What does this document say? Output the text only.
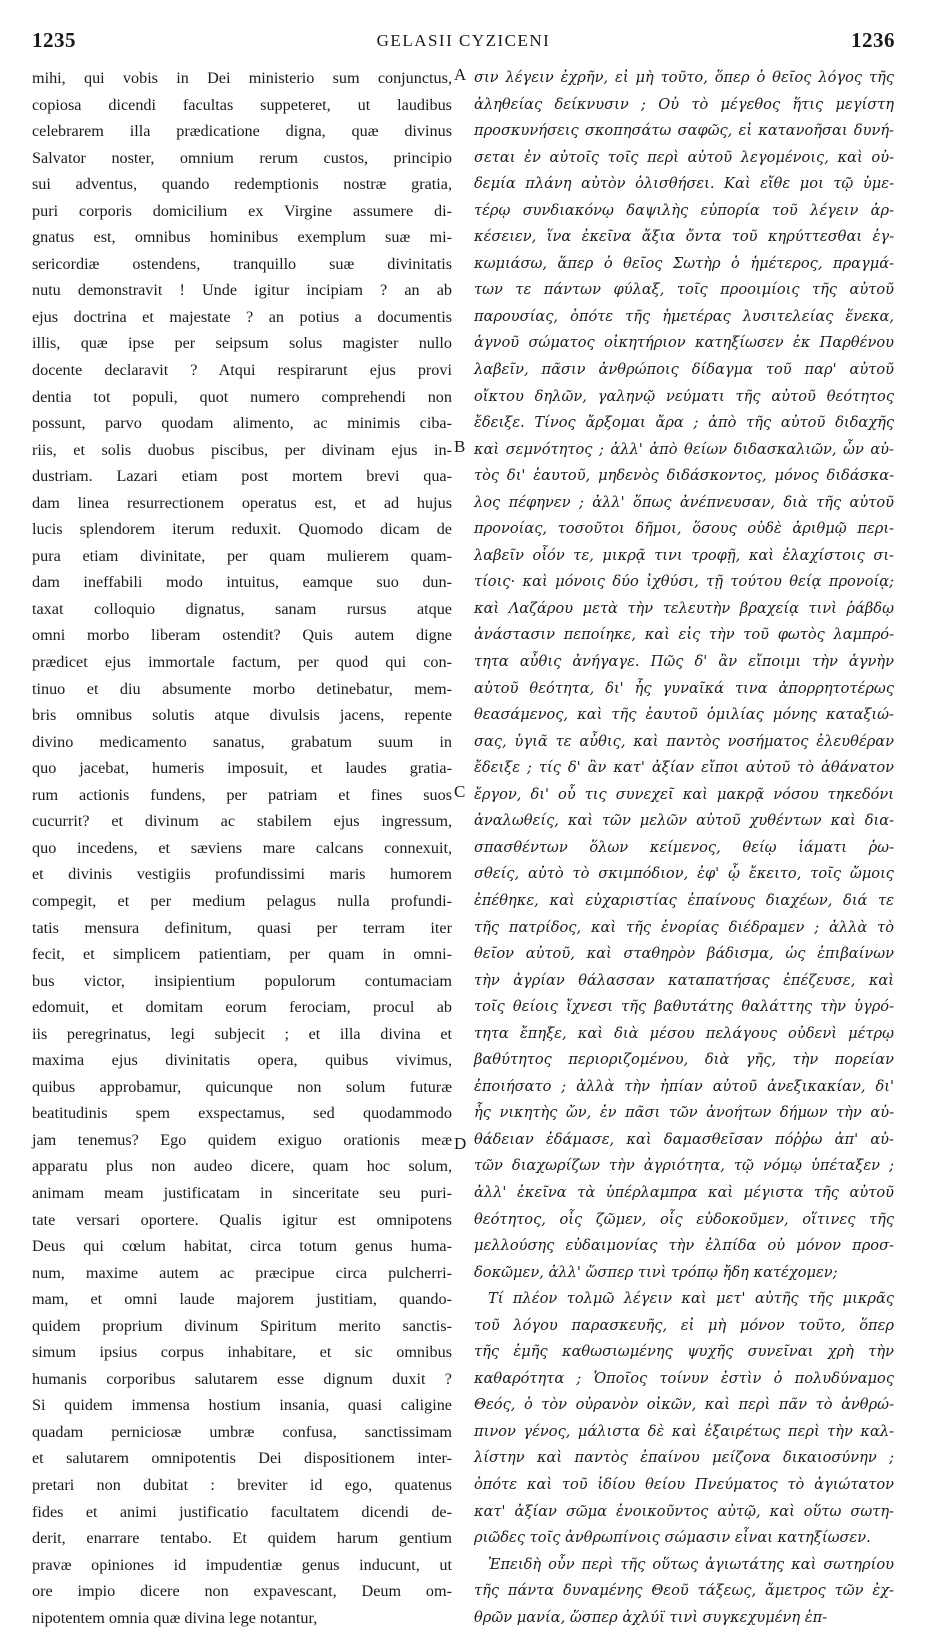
1235	GELASII CYZICENI	1236
mihi, qui vobis in Dei ministerio sum conjunctus,
copiosa dicendi facultas suppeteret, ut laudibus
celebrarem illa prædicatione digna, quæ divinus
Salvator noster, omnium rerum custos, principio
sui adventus, quando redemptionis nostræ gratia,
puri corporis domicilium ex Virgine assumere di-
gnatus est, omnibus hominibus exemplum suæ mi-
sericordiæ ostendens, tranquillo suæ divinitatis
nutu demonstravit ! Unde igitur incipiam ? an ab
ejus doctrina et majestate ? an potius a documentis
illis, quæ ipse per seipsum solus magister nullo
docente declaravit ? Atqui respirarunt ejus provi
dentia tot populi, quot numero comprehendi non
possunt, parvo quodam alimento, ac minimis ciba-
riis, et solis duobus piscibus, per divinam ejus in-
dustriam. Lazari etiam post mortem brevi qua-
dam linea resurrectionem operatus est, et ad hujus
lucis splendorem iterum reduxit. Quomodo dicam de
pura etiam divinitate, per quam mulierem quam-
dam ineffabili modo intuitus, eamque suo dun-
taxat colloquio dignatus, sanam rursus atque
omni morbo liberam ostendit? Quis autem digne
prædicet ejus immortale factum, per quod qui con-
tinuo et diu absumente morbo detinebatur, mem-
bris omnibus solutis atque divulsis jacens, repente
divino medicamento sanatus, grabatum suum in
quo jacebat, humeris imposuit, et laudes gratia-
rum actionis fundens, per patriam et fines suos
cucurrit? et divinum ac stabilem ejus ingressum,
quo incedens, et sæviens mare calcans connexuit,
et divinis vestigiis profundissimi maris humorem
compegit, et per medium pelagus nulla profundi-
tatis mensura definitum, quasi per terram iter
fecit, et simplicem patientiam, per quam in omni-
bus victor, insipientium populorum contumaciam
edomuit, et domitam eorum ferociam, procul ab
iis peregrinatus, legi subjecit ; et illa divina et
maxima ejus divinitatis opera, quibus vivimus,
quibus approbamur, quicunque non solum futuræ
beatitudinis spem exspectamus, sed quodammodo
jam tenemus? Ego quidem exiguo orationis meæ
apparatu plus non audeo dicere, quam hoc solum,
animam meam justificatam in sinceritate seu puri-
tate versari oportere. Qualis igitur est omnipotens
Deus qui cœlum habitat, circa totum genus huma-
num, maxime autem ac præcipue circa pulcherri-
mam, et omni laude majorem justitiam, quando-
quidem proprium divinum Spiritum merito sanctis-
simum ipsius corpus inhabitare, et sic omnibus
humanis corporibus salutarem esse dignum duxit ?
Si quidem immensa hostium insania, quasi caligine
quadam perniciosæ umbræ confusa, sanctissimam
et salutarem omnipotentis Dei dispositionem inter-
pretari non dubitat : breviter id ego, quatenus
fides et animi justificatio facultatem dicendi de-
derit, enarrare tentabo. Et quidem harum gentium
pravæ opiniones id impudentiæ genus inducunt, ut
ore impio dicere non expavescant, Deum om-
nipotentem omnia quæ divina lege notantur,
A
B
C
D
σιν λέγειν ἐχρῆν, εἰ μὴ τοῦτο, ὅπερ ὁ θεῖος λόγος τῆς
ἀληθείας δείκνυσιν ; Οὐ τὸ μέγεθος ἥτις μεγίστη
προσκυνήσεις σκοπησάτω σαφῶς, εἰ κατανοῆσαι δυνή-
σεται ἐν αὐτοῖς τοῖς περὶ αὐτοῦ λεγομένοις, καὶ οὐ-
δεμία πλάνη αὐτὸν ὀλισθήσει. Καὶ εἴθε μοι τῷ ὑμε-
τέρῳ συνδιακόνῳ δαψιλὴς εὐπορία τοῦ λέγειν ἀρ-
κέσειεν, ἵνα ἐκεῖνα ἄξια ὄντα τοῦ κηρύττεσθαι ἐγ-
κωμιάσω, ἅπερ ὁ θεῖος Σωτὴρ ὁ ἡμέτερος, πραγμά-
των τε πάντων φύλαξ, τοῖς προοιμίοις τῆς αὐτοῦ
παρουσίας, ὁπότε τῆς ἡμετέρας λυσιτελείας ἕνεκα,
ἁγνοῦ σώματος οἰκητήριον κατηξίωσεν ἐκ Παρθένου
λαβεῖν, πᾶσιν ἀνθρώποις δίδαγμα τοῦ παρ' αὐτοῦ
οἴκτου δηλῶν, γαληνῷ νεύματι τῆς αὐτοῦ θεότητος
ἔδειξε. Τίνος ἄρξομαι ἄρα ; ἀπὸ τῆς αὐτοῦ διδαχῆς
καὶ σεμνότητος ; ἀλλ' ἀπὸ θείων διδασκαλιῶν, ὧν αὐ-
τὸς δι' ἑαυτοῦ, μηδενὸς διδάσκοντος, μόνος διδάσκα-
λος πέφηνεν ; ἀλλ' ὅπως ἀνέπνευσαν, διὰ τῆς αὐτοῦ
προνοίας, τοσοῦτοι δῆμοι, ὅσους οὐδὲ ἀριθμῷ περι-
λαβεῖν οἷόν τε, μικρᾷ τινι τροφῇ, καὶ ἐλαχίστοις σι-
τίοις· καὶ μόνοις δύο ἰχθύσι, τῇ τούτου θείᾳ προνοίᾳ;
καὶ Λαζάρου μετὰ τὴν τελευτὴν βραχείᾳ τινὶ ῥάβδῳ
ἀνάστασιν πεποίηκε, καὶ εἰς τὴν τοῦ φωτὸς λαμπρό-
τητα αὖθις ἀνήγαγε. Πῶς δ' ἂν εἴποιμι τὴν ἁγνὴν
αὐτοῦ θεότητα, δι' ἧς γυναῖκά τινα ἀπορρητοτέρως
θεασάμενος, καὶ τῆς ἑαυτοῦ ὁμιλίας μόνης καταξιώ-
σας, ὑγιᾶ τε αὖθις, καὶ παντὸς νοσήματος ἐλευθέραν
ἔδειξε ; τίς δ' ἂν κατ' ἀξίαν εἴποι αὐτοῦ τὸ ἀθάνατον
ἔργον, δι' οὗ τις συνεχεῖ καὶ μακρᾷ νόσου τηκεδόνι
ἀναλωθείς, καὶ τῶν μελῶν αὐτοῦ χυθέντων καὶ δια-
σπασθέντων ὅλων κείμενος, θείῳ ἰάματι ῥω-
σθείς, αὐτὸ τὸ σκιμπόδιον, ἐφ' ᾧ ἔκειτο, τοῖς ὤμοις
ἐπέθηκε, καὶ εὐχαριστίας ἐπαίνους διαχέων, διά τε
τῆς πατρίδος, καὶ τῆς ἐνορίας διέδραμεν ; ἀλλὰ τὸ
θεῖον αὐτοῦ, καὶ σταθηρὸν βάδισμα, ὡς ἐπιβαίνων
τὴν ἀγρίαν θάλασσαν καταπατήσας ἐπέζευσε, καὶ
τοῖς θείοις ἴχνεσι τῆς βαθυτάτης θαλάττης τὴν ὑγρό-
τητα ἔπηξε, καὶ διὰ μέσου πελάγους οὐδενὶ μέτρῳ
βαθύτητος περιοριζομένου, διὰ γῆς, τὴν πορείαν
ἐποιήσατο ; ἀλλὰ τὴν ἠπίαν αὐτοῦ ἀνεξικακίαν, δι'
ἧς νικητὴς ὤν, ἐν πᾶσι τῶν ἀνοήτων δήμων τὴν αὐ-
θάδειαν ἐδάμασε, καὶ δαμασθεῖσαν πόῤῥω ἀπ' αὐ-
τῶν διαχωρίζων τὴν ἀγριότητα, τῷ νόμῳ ὑπέταξεν ;
ἀλλ' ἐκεῖνα τὰ ὑπέρλαμπρα καὶ μέγιστα τῆς αὐτοῦ
θεότητος, οἷς ζῶμεν, οἷς εὐδοκοῦμεν, οἵτινες τῆς
μελλούσης εὐδαιμονίας τὴν ἐλπίδα οὐ μόνον προσ-
δοκῶμεν, ἀλλ' ὥσπερ τινὶ τρόπῳ ἤδη κατέχομεν;
Τί πλέον τολμῶ λέγειν καὶ μετ' αὐτῆς τῆς μικρᾶς
τοῦ λόγου παρασκευῆς, εἰ μὴ μόνον τοῦτο, ὅπερ
τῆς ἐμῆς καθωσιωμένης ψυχῆς συνεῖναι χρὴ τὴν
καθαρότητα ; Ὁποῖος τοίνυν ἐστὶν ὁ πολυδύναμος
Θεός, ὁ τὸν οὐρανὸν οἰκῶν, καὶ περὶ πᾶν τὸ ἀνθρώ-
πινον γένος, μάλιστα δὲ καὶ ἐξαιρέτως περὶ τὴν καλ-
λίστην καὶ παντὸς ἐπαίνου μείζονα δικαιοσύνην ;
ὁπότε καὶ τοῦ ἰδίου θείου Πνεύματος τὸ ἁγιώτατον
κατ' ἀξίαν σῶμα ἐνοικοῦντος αὐτῷ, καὶ οὕτω σωτη-
ριῶδες τοῖς ἀνθρωπίνοις σώμασιν εἶναι κατηξίωσεν.
Ἐπειδὴ οὖν περὶ τῆς οὕτως ἁγιωτάτης καὶ σωτηρίου
τῆς πάντα δυναμένης Θεοῦ τάξεως, ἄμετρος τῶν ἐχ-
θρῶν μανία, ὥσπερ ἀχλύϊ τινὶ συγκεχυμένη ἐπ-
